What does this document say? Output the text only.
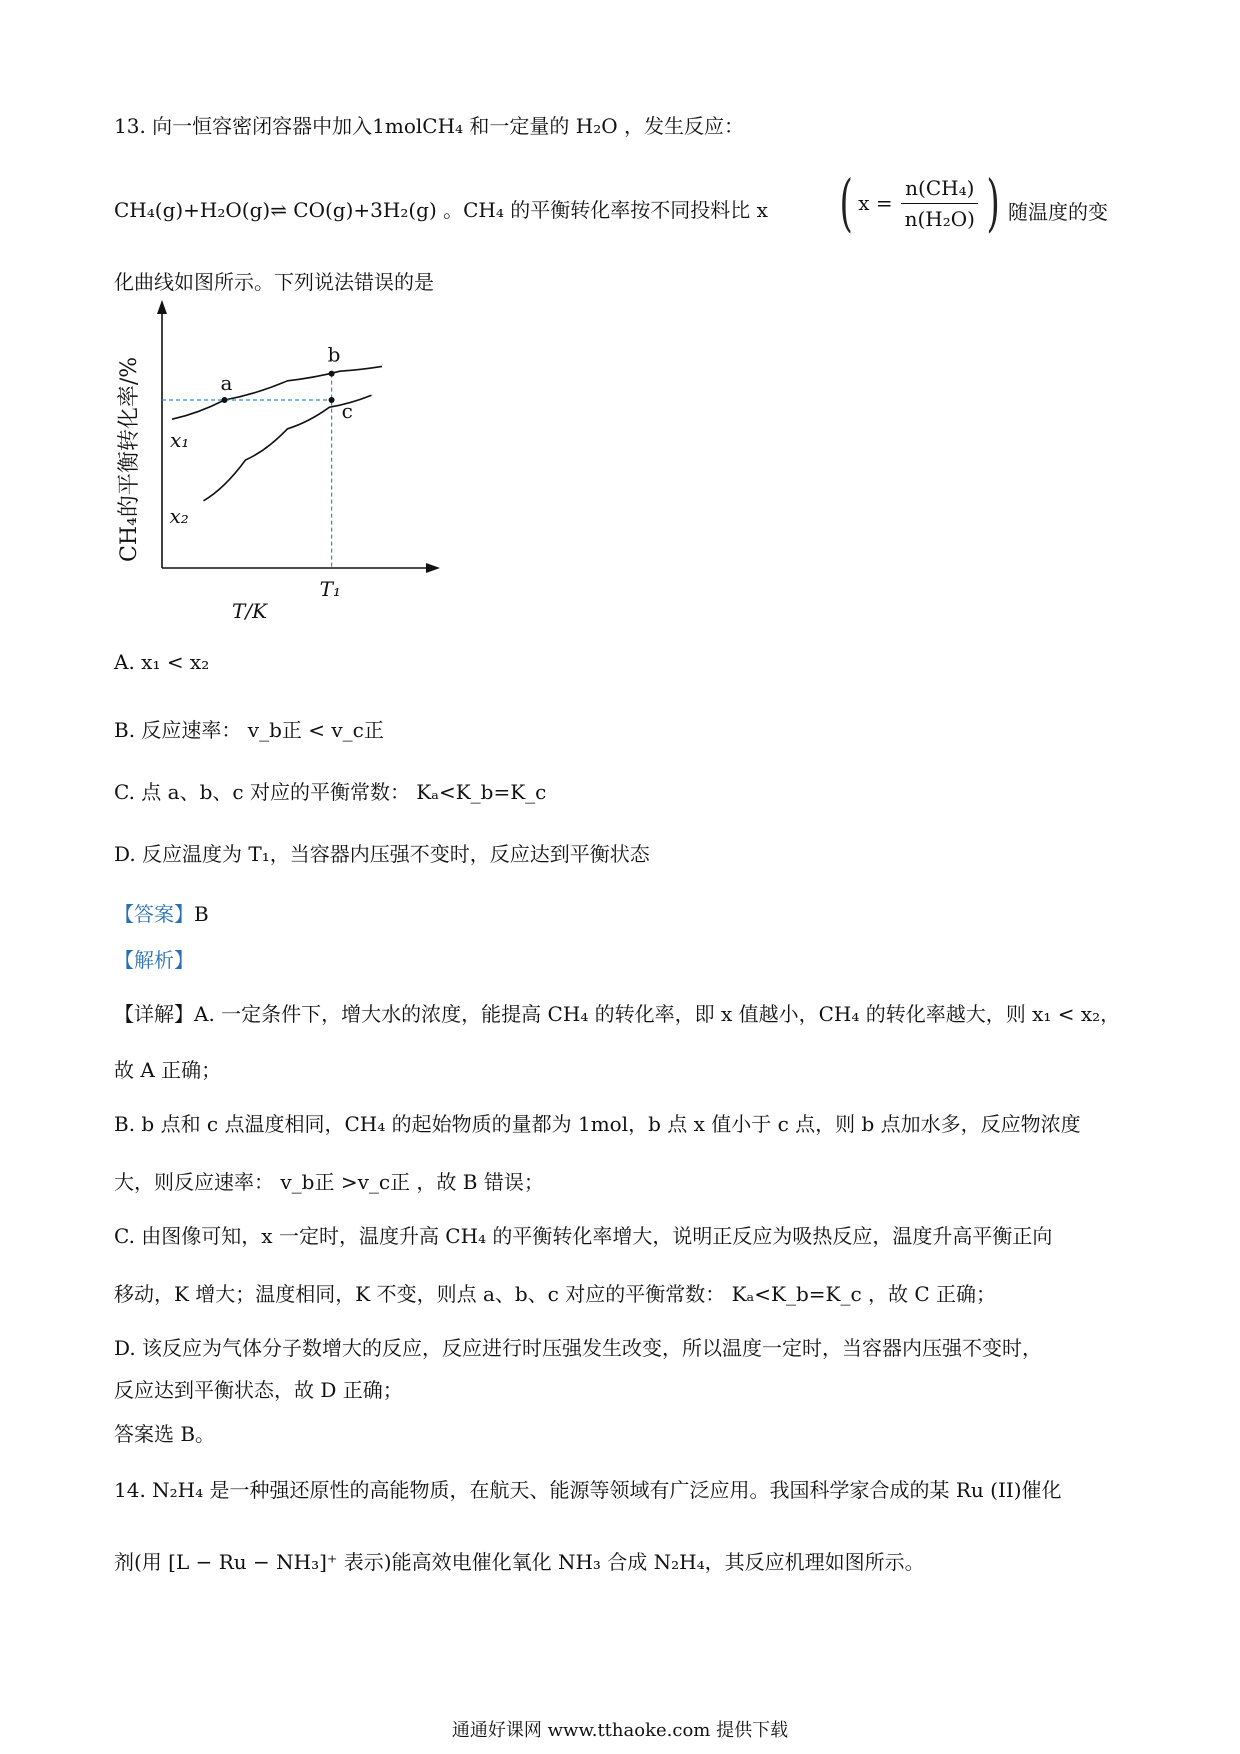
13. 向一恒容密闭容器中加入1molCH₄ 和一定量的 H₂O ，发生反应：
CH₄(g)+H₂O(g)⇌ CO(g)+3H₂(g) 。CH₄ 的平衡转化率按不同投料比 x ( $x = \frac{\text{n(CH₄)}}{\text{n(H₂O)}}$ ) 随温度的变
化曲线如图所示。下列说法错误的是
x₁
x₂
a
b
c
T₁
T/K
CH₄的平衡转化率/%
A. x₁ < x₂
B. 反应速率： v_b正 < v_c正
C. 点 a、b、c 对应的平衡常数： Kₐ<K_b=K_c
D. 反应温度为 T₁，当容器内压强不变时，反应达到平衡状态
【答案】B
【解析】
【详解】A. 一定条件下，增大水的浓度，能提高 CH₄ 的转化率，即 x 值越小，CH₄ 的转化率越大，则 x₁ < x₂，
故 A 正确；
B. b 点和 c 点温度相同，CH₄ 的起始物质的量都为 1mol，b 点 x 值小于 c 点，则 b 点加水多，反应物浓度
大，则反应速率： v_b正 >v_c正 ，故 B 错误；
C. 由图像可知，x 一定时，温度升高 CH₄ 的平衡转化率增大，说明正反应为吸热反应，温度升高平衡正向
移动，K 增大；温度相同，K 不变，则点 a、b、c 对应的平衡常数： Kₐ<K_b=K_c ，故 C 正确；
D. 该反应为气体分子数增大的反应，反应进行时压强发生改变，所以温度一定时，当容器内压强不变时，
反应达到平衡状态，故 D 正确；
答案选 B。
14. N₂H₄ 是一种强还原性的高能物质，在航天、能源等领域有广泛应用。我国科学家合成的某 Ru (II)催化
剂(用 [L − Ru − NH₃]⁺ 表示)能高效电催化氧化 NH₃ 合成 N₂H₄，其反应机理如图所示。
通通好课网 www.tthaoke.com 提供下载
